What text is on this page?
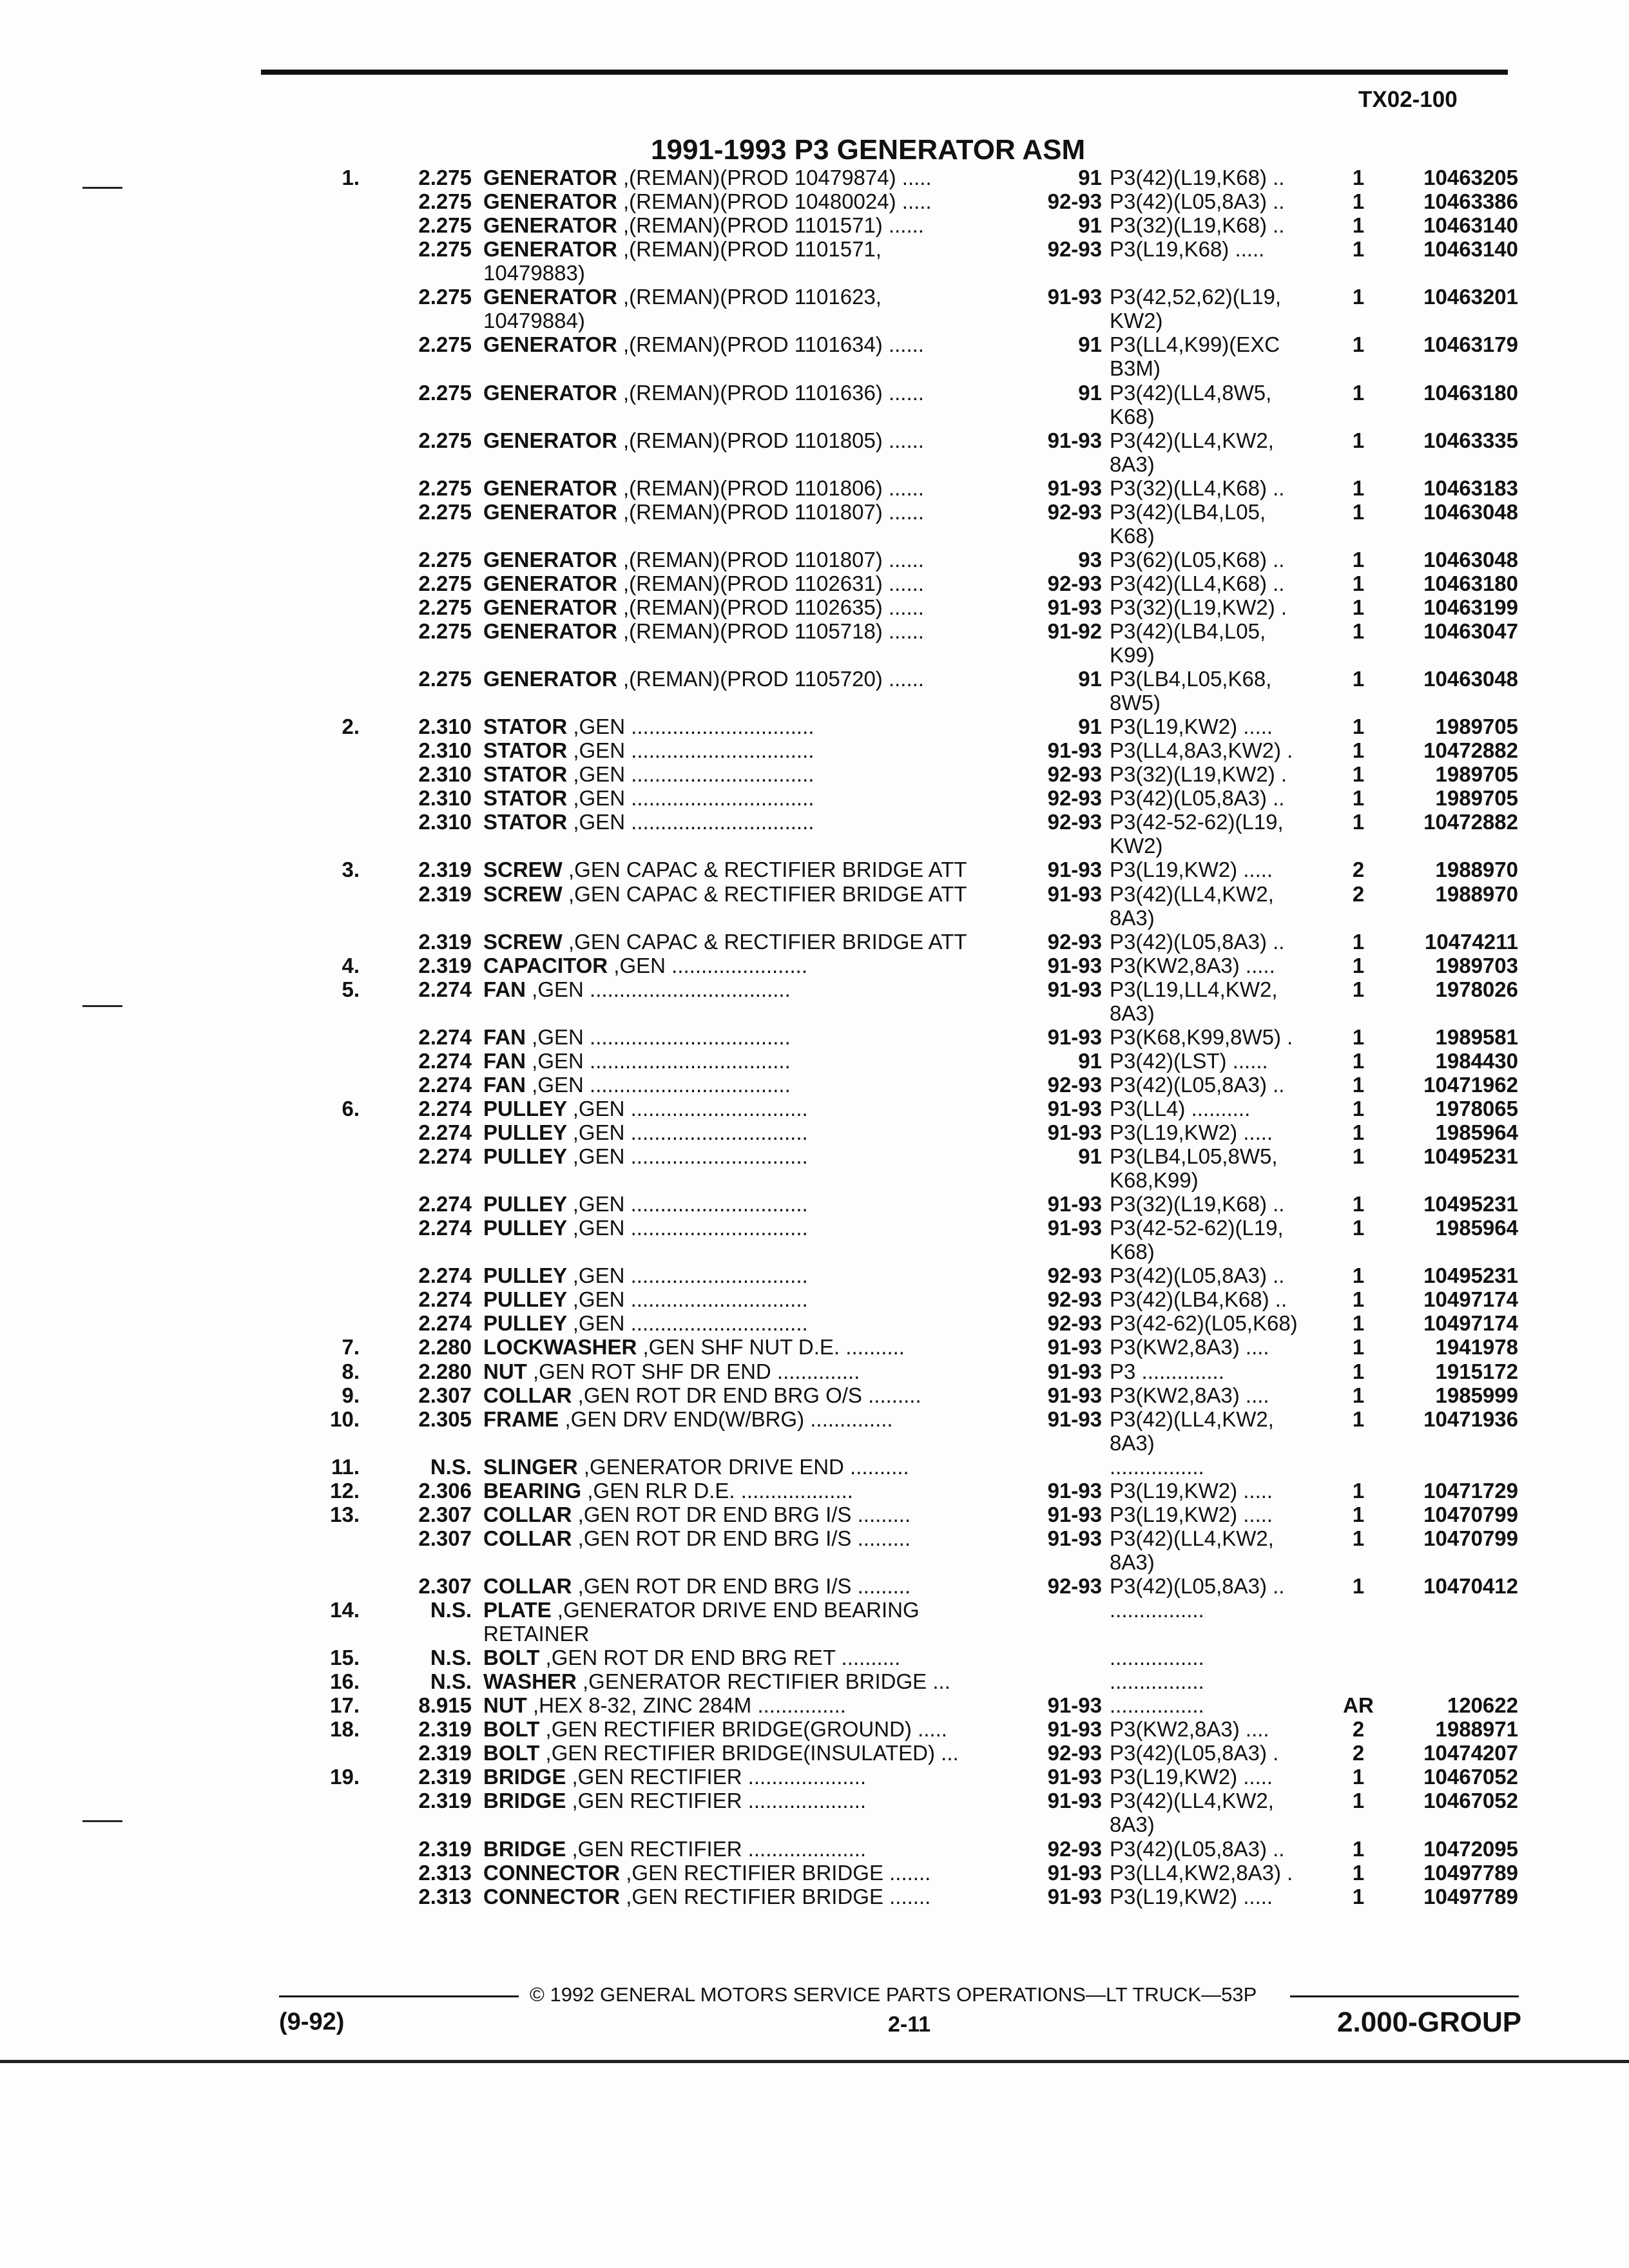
TX02-100
1991-1993 P3 GENERATOR ASM
1.	2.275 GENERATOR ,(REMAN)(PROD 10479874) .....	91 P3(42)(L19,K68) ..	1	10463205
2.275 GENERATOR ,(REMAN)(PROD 10480024) .....	92-93 P3(42)(L05,8A3) ..	1	10463386
2.275 GENERATOR ,(REMAN)(PROD 1101571) ......	91 P3(32)(L19,K68) ..	1	10463140
2.275 GENERATOR ,(REMAN)(PROD 1101571,	92-93 P3(L19,K68) .....	1	10463140
10479883)
2.275 GENERATOR ,(REMAN)(PROD 1101623,	91-93 P3(42,52,62)(L19,	1	10463201
10479884)	KW2)
2.275 GENERATOR ,(REMAN)(PROD 1101634) ......	91 P3(LL4,K99)(EXC	1	10463179
B3M)
2.275 GENERATOR ,(REMAN)(PROD 1101636) ......	91 P3(42)(LL4,8W5,	1	10463180
K68)
2.275 GENERATOR ,(REMAN)(PROD 1101805) ......	91-93 P3(42)(LL4,KW2,	1	10463335
8A3)
2.275 GENERATOR ,(REMAN)(PROD 1101806) ......	91-93 P3(32)(LL4,K68) ..	1	10463183
2.275 GENERATOR ,(REMAN)(PROD 1101807) ......	92-93 P3(42)(LB4,L05,	1	10463048
K68)
2.275 GENERATOR ,(REMAN)(PROD 1101807) ......	93 P3(62)(L05,K68) ..	1	10463048
2.275 GENERATOR ,(REMAN)(PROD 1102631) ......	92-93 P3(42)(LL4,K68) ..	1	10463180
2.275 GENERATOR ,(REMAN)(PROD 1102635) ......	91-93 P3(32)(L19,KW2) .	1	10463199
2.275 GENERATOR ,(REMAN)(PROD 1105718) ......	91-92 P3(42)(LB4,L05,	1	10463047
K99)
2.275 GENERATOR ,(REMAN)(PROD 1105720) ......	91 P3(LB4,L05,K68,	1	10463048
8W5)
2.	2.310 STATOR ,GEN ...............................	91 P3(L19,KW2) .....	1	1989705
2.310 STATOR ,GEN ...............................	91-93 P3(LL4,8A3,KW2) .	1	10472882
2.310 STATOR ,GEN ...............................	92-93 P3(32)(L19,KW2) .	1	1989705
2.310 STATOR ,GEN ...............................	92-93 P3(42)(L05,8A3) ..	1	1989705
2.310 STATOR ,GEN ...............................	92-93 P3(42-52-62)(L19,	1	10472882
KW2)
3.	2.319 SCREW ,GEN CAPAC & RECTIFIER BRIDGE ATT	91-93 P3(L19,KW2) .....	2	1988970
2.319 SCREW ,GEN CAPAC & RECTIFIER BRIDGE ATT	91-93 P3(42)(LL4,KW2,	2	1988970
8A3)
2.319 SCREW ,GEN CAPAC & RECTIFIER BRIDGE ATT	92-93 P3(42)(L05,8A3) ..	1	10474211
4.	2.319 CAPACITOR ,GEN .......................	91-93 P3(KW2,8A3) .....	1	1989703
5.	2.274 FAN ,GEN ..................................	91-93 P3(L19,LL4,KW2,	1	1978026
8A3)
2.274 FAN ,GEN ..................................	91-93 P3(K68,K99,8W5) .	1	1989581
2.274 FAN ,GEN ..................................	91 P3(42)(LST) ......	1	1984430
2.274 FAN ,GEN ..................................	92-93 P3(42)(L05,8A3) ..	1	10471962
6.	2.274 PULLEY ,GEN ..............................	91-93 P3(LL4) ..........	1	1978065
2.274 PULLEY ,GEN ..............................	91-93 P3(L19,KW2) .....	1	1985964
2.274 PULLEY ,GEN ..............................	91 P3(LB4,L05,8W5,	1	10495231
K68,K99)
2.274 PULLEY ,GEN ..............................	91-93 P3(32)(L19,K68) ..	1	10495231
2.274 PULLEY ,GEN ..............................	91-93 P3(42-52-62)(L19,	1	1985964
K68)
2.274 PULLEY ,GEN ..............................	92-93 P3(42)(L05,8A3) ..	1	10495231
2.274 PULLEY ,GEN ..............................	92-93 P3(42)(LB4,K68) ..	1	10497174
2.274 PULLEY ,GEN ..............................	92-93 P3(42-62)(L05,K68)	1	10497174
7.	2.280 LOCKWASHER ,GEN SHF NUT D.E. ..........	91-93 P3(KW2,8A3) ....	1	1941978
8.	2.280 NUT ,GEN ROT SHF DR END ..............	91-93 P3 ..............	1	1915172
9.	2.307 COLLAR ,GEN ROT DR END BRG O/S .........	91-93 P3(KW2,8A3) ....	1	1985999
10.	2.305 FRAME ,GEN DRV END(W/BRG) ..............	91-93 P3(42)(LL4,KW2,	1	10471936
8A3)
11.	N.S. SLINGER ,GENERATOR DRIVE END ..........	................
12.	2.306 BEARING ,GEN RLR D.E. ...................	91-93 P3(L19,KW2) .....	1	10471729
13.	2.307 COLLAR ,GEN ROT DR END BRG I/S .........	91-93 P3(L19,KW2) .....	1	10470799
2.307 COLLAR ,GEN ROT DR END BRG I/S .........	91-93 P3(42)(LL4,KW2,	1	10470799
8A3)
2.307 COLLAR ,GEN ROT DR END BRG I/S .........	92-93 P3(42)(L05,8A3) ..	1	10470412
14.	N.S. PLATE ,GENERATOR DRIVE END BEARING	................
RETAINER
15.	N.S. BOLT ,GEN ROT DR END BRG RET ..........	................
16.	N.S. WASHER ,GENERATOR RECTIFIER BRIDGE ...	................
17.	8.915 NUT ,HEX 8-32, ZINC 284M ...............	91-93 ................	AR	120622
18.	2.319 BOLT ,GEN RECTIFIER BRIDGE(GROUND) .....	91-93 P3(KW2,8A3) ....	2	1988971
2.319 BOLT ,GEN RECTIFIER BRIDGE(INSULATED) ...	92-93 P3(42)(L05,8A3) .	2	10474207
19.	2.319 BRIDGE ,GEN RECTIFIER ....................	91-93 P3(L19,KW2) .....	1	10467052
2.319 BRIDGE ,GEN RECTIFIER ....................	91-93 P3(42)(LL4,KW2,	1	10467052
8A3)
2.319 BRIDGE ,GEN RECTIFIER ....................	92-93 P3(42)(L05,8A3) ..	1	10472095
2.313 CONNECTOR ,GEN RECTIFIER BRIDGE .......	91-93 P3(LL4,KW2,8A3) .	1	10497789
2.313 CONNECTOR ,GEN RECTIFIER BRIDGE .......	91-93 P3(L19,KW2) .....	1	10497789
© 1992 GENERAL MOTORS SERVICE PARTS OPERATIONS—LT TRUCK—53P
(9-92)	2-11	2.000-GROUP
